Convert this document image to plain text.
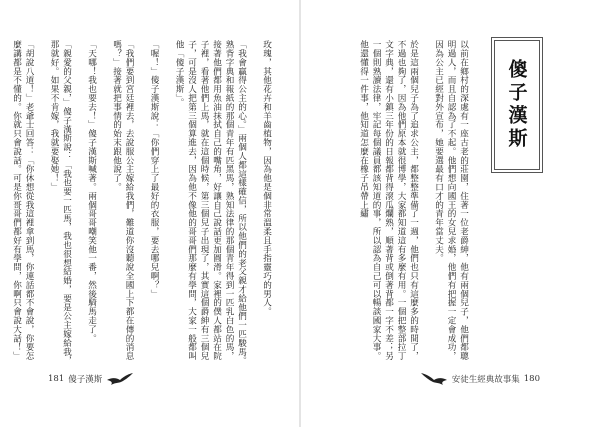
玫瑰，其他花卉和羊齒植物，因為他是個非常溫柔且手指靈巧的男人。

「我會贏得公主的心。」兩個人都這樣確信，所以他們的老父親才給他們一匹駿馬。熟背字典和報紙的那個青年有匹黑馬，熟知法律的那個青年得到一匹乳白色的馬，接著他們都用魚油抹拭自己的嘴角，好讓自己說話更加圓滑。家裡的僕人都站在院子裡，看著他們上馬，就在這個時候，第三個兒子出現了，其實這個爵紳有三個兒子，可是沒人把第三個算進去，因為他不像他的哥哥們那麼有學問，大家一般都叫他「傻子漢斯」。

「喔！」傻子漢斯說：「你們穿上了最好的衣服，要去哪兒啊？」

「我們要到宮廷裡去，去說服公主嫁給我們，難道你沒聽說全國上下都在傳的消息嗎？」接著就把事情的始末跟他說了。

「天哪！我也要去！」傻子漢斯喊著。兩個哥哥嘲笑他一番，然後騎馬走了。

「親愛的父親，」傻子漢斯說：「我也要一匹馬，我也很想結婚，要是公主嫁給我，那就好。如果不肯嫁，我就要娶她！」

「胡說八道！」老爺士回答：「你休想從我這裡拿到馬，你連話都不會說，你要怎麼講都是不懂的。你就只會說話。可是你哥哥們都好有學問，你啊只會說大話！」

181 傻子漢斯

以前在鄉村的深處有一座古老的莊園，住著一位老爵紳，他有兩個兒子，他們都聰明過人，而且自認為了不起。他們想向國王的女兒求婚，他們有把握一定會成功，因為公主已經對外宣布，她要選最有口才的青年當丈夫。

於是這兩個兒子為了追求公主，都整整準備了一週，他們也只有這麼多的時間了，不過也夠了，因為他們原本就很博學，大家都知道這有多麼有用。一個把整部拉丁文字典，還有小鎮三年份的日報都背得滾瓜爛熟，順著背或倒著背都一字不差；另一個則熟讀法律，牢記每個議員都該知道的事，所以認為自己可以暢談國家大事。他還懂得一件事，他知道怎麼在橡子吊帶上繡	傻子漢斯
安徒生經典故事集 180
